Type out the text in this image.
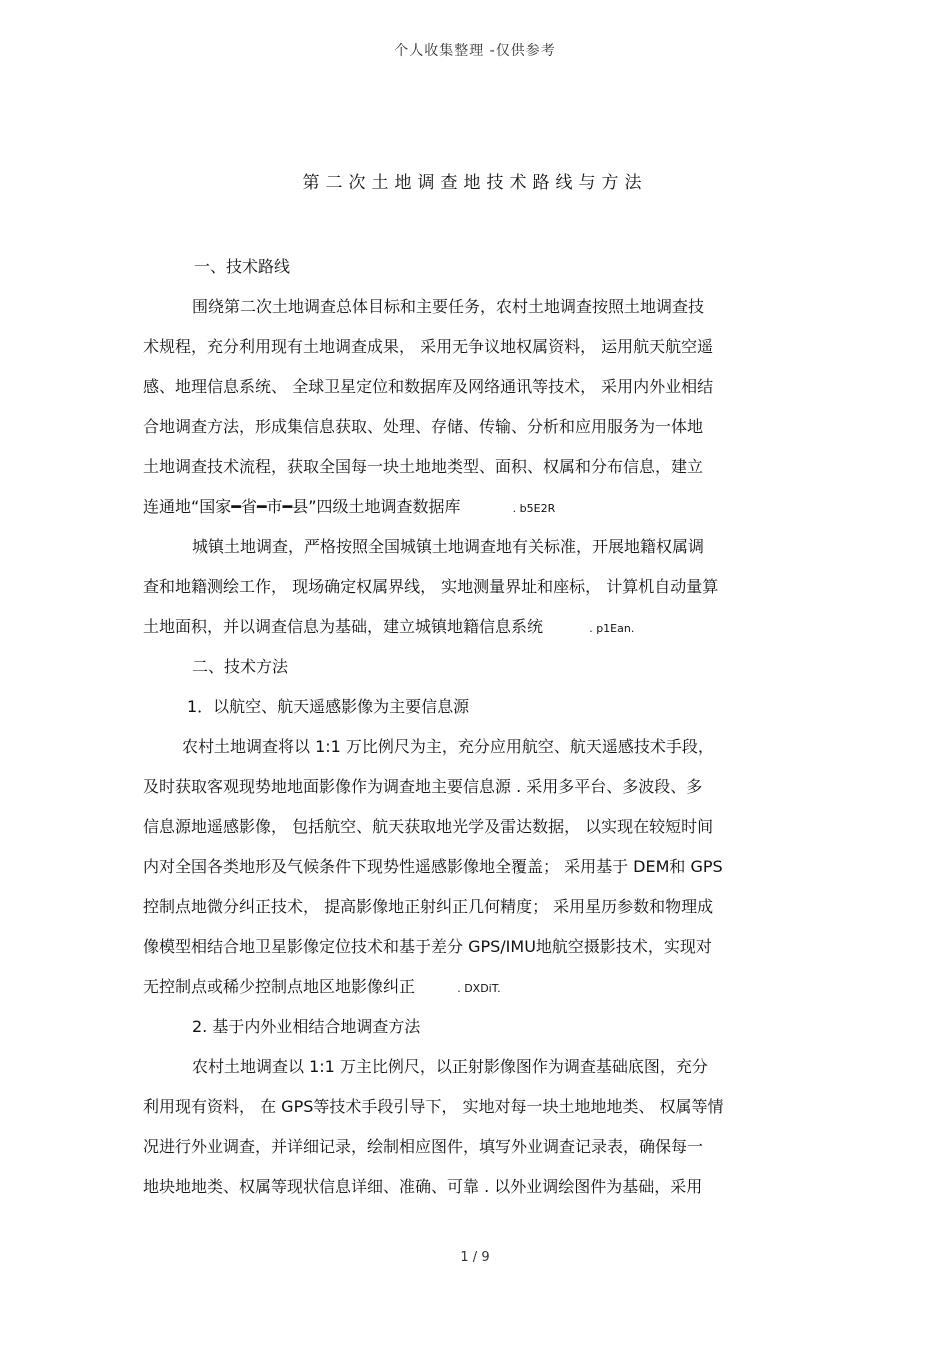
个人收集整理 -仅供参考
第二次土地调查地技术路线与方法
一、技术路线
围绕第二次土地调查总体目标和主要任务，农村土地调查按照土地调查技
术规程，充分利用现有土地调查成果， 采用无争议地权属资料， 运用航天航空遥
感、地理信息系统、 全球卫星定位和数据库及网络通讯等技术， 采用内外业相结
合地调查方法，形成集信息获取、处理、存储、传输、分析和应用服务为一体地
土地调查技术流程，获取全国每一块土地地类型、面积、权属和分布信息，建立
连通地“国家━省━市━县”四级土地调查数据库	. b5E2R
城镇土地调查，严格按照全国城镇土地调查地有关标准，开展地籍权属调
查和地籍测绘工作， 现场确定权属界线， 实地测量界址和座标， 计算机自动量算
土地面积，并以调查信息为基础，建立城镇地籍信息系统	. p1Ean.
二、技术方法
1．以航空、航天遥感影像为主要信息源
农村土地调查将以 1:1 万比例尺为主，充分应用航空、航天遥感技术手段，
及时获取客观现势地地面影像作为调查地主要信息源 . 采用多平台、多波段、多
信息源地遥感影像， 包括航空、航天获取地光学及雷达数据， 以实现在较短时间
内对全国各类地形及气候条件下现势性遥感影像地全覆盖； 采用基于 DEM和 GPS
控制点地微分纠正技术， 提高影像地正射纠正几何精度； 采用星历参数和物理成
像模型相结合地卫星影像定位技术和基于差分 GPS/IMU地航空摄影技术，实现对
无控制点或稀少控制点地区地影像纠正	. DXDiT.
2. 基于内外业相结合地调查方法
农村土地调查以 1:1 万主比例尺，以正射影像图作为调查基础底图，充分
利用现有资料， 在 GPS等技术手段引导下， 实地对每一块土地地地类、 权属等情
况进行外业调查，并详细记录，绘制相应图件，填写外业调查记录表，确保每一
地块地地类、权属等现状信息详细、准确、可靠 . 以外业调绘图件为基础，采用
1 / 9
